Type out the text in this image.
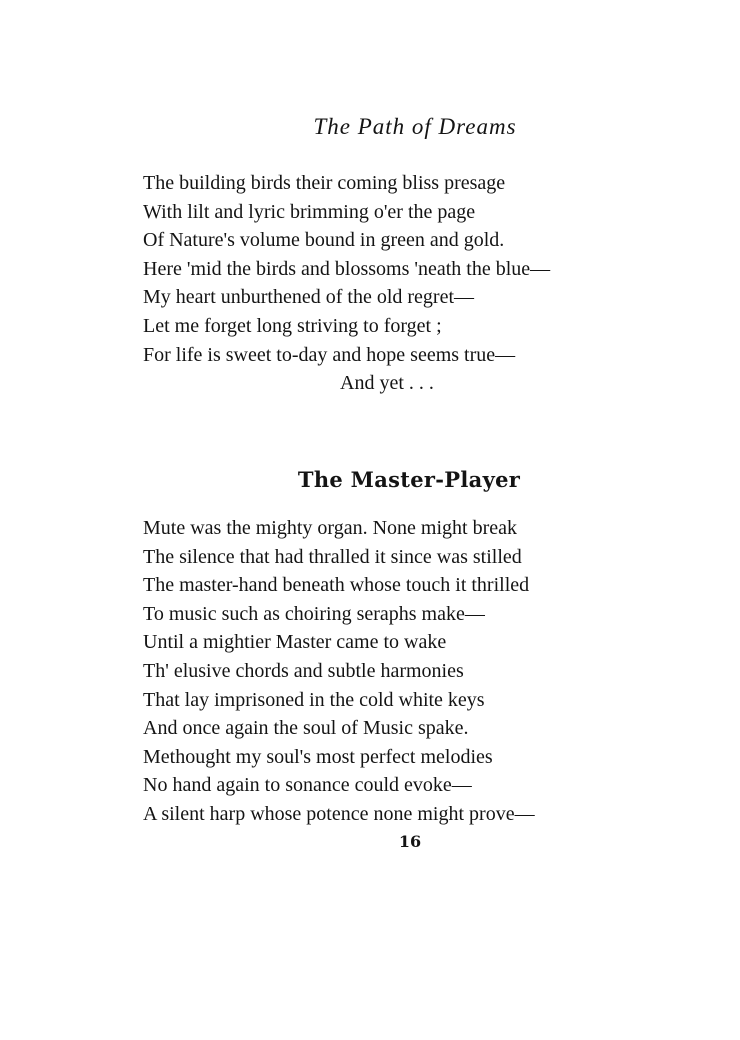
The Path of Dreams
The building birds their coming bliss presage
With lilt and lyric brimming o'er the page
Of Nature's volume bound in green and gold.
Here 'mid the birds and blossoms 'neath the blue—
My heart unburthened of the old regret—
Let me forget long striving to forget ;
For life is sweet to-day and hope seems true—
And yet . . .
The Master-Player
Mute was the mighty organ. None might break
The silence that had thralled it since was stilled
The master-hand beneath whose touch it thrilled
To music such as choiring seraphs make—
Until a mightier Master came to wake
Th' elusive chords and subtle harmonies
That lay imprisoned in the cold white keys
And once again the soul of Music spake.
Methought my soul's most perfect melodies
No hand again to sonance could evoke—
A silent harp whose potence none might prove—
16
